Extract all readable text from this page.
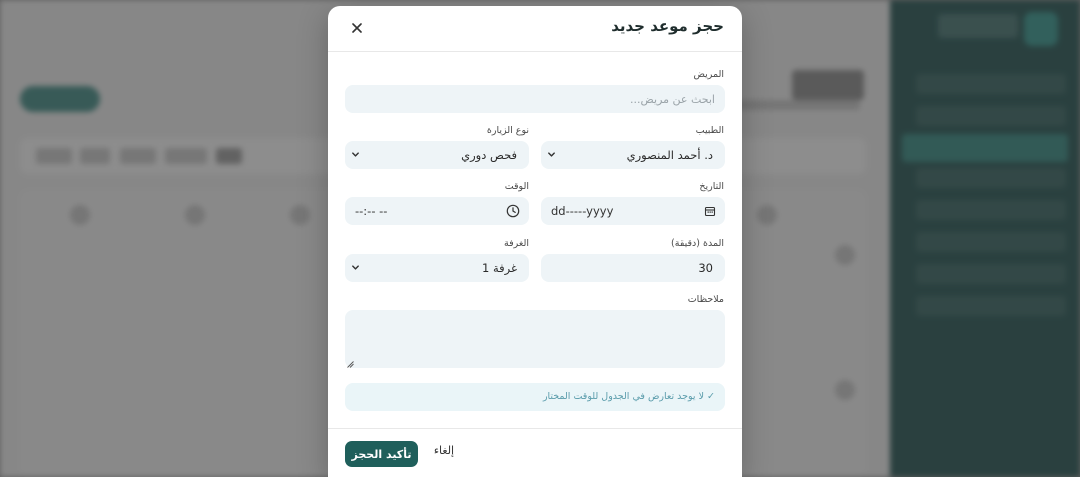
حجز موعد جديد
المريض
ابحث عن مريض...
الطبيب
نوع الزيارة
د. أحمد المنصوري
فحص دوري
التاريخ
الوقت
dd-----yyyy
--:-- --
المدة (دقيقة)
الغرفة
30
غرفة 1
ملاحظات
✓ لا يوجد تعارض في الجدول للوقت المختار
تأكيد الحجز	إلغاء
